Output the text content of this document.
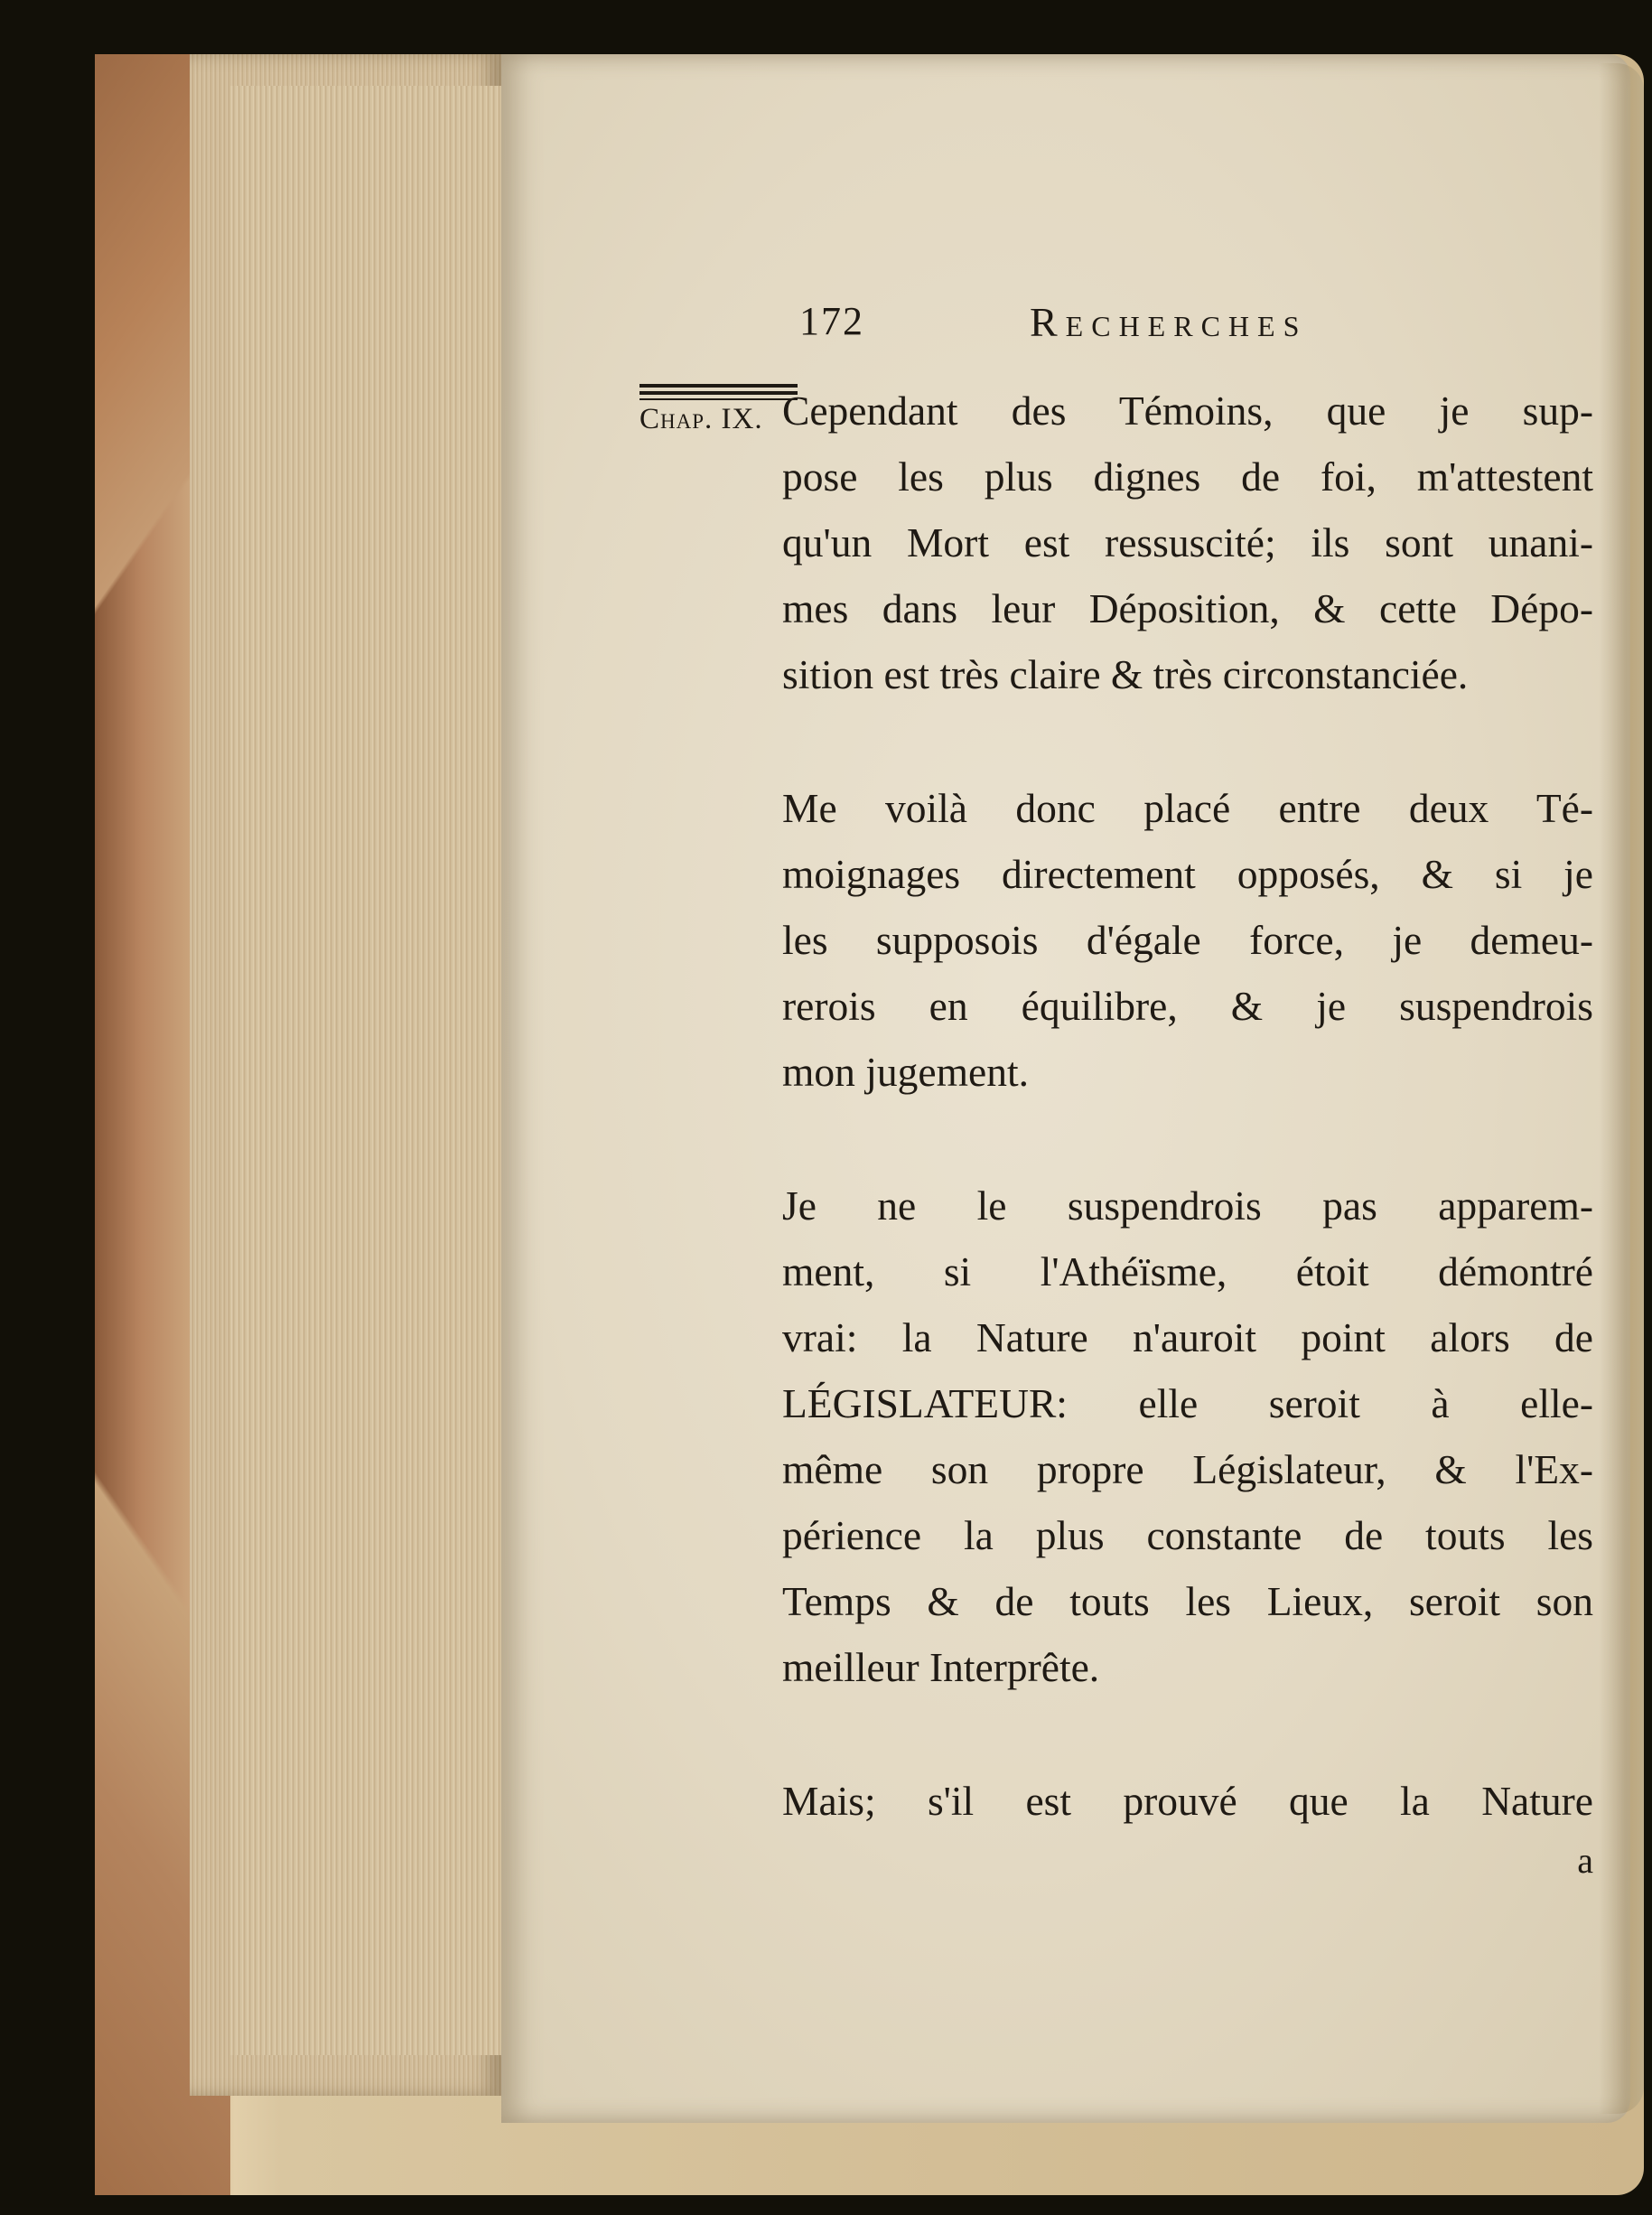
172	Recherches
Chap. IX. Cependant des Témoins, que je sup-
pose les plus dignes de foi, m'attestent
qu'un Mort est ressuscité; ils sont unani-
mes dans leur Déposition, & cette Dépo-
sition est très claire & très circonstanciée.
Me voilà donc placé entre deux Té-
moignages directement opposés, & si je
les supposois d'égale force, je demeu-
rerois en équilibre, & je suspendrois
mon jugement.
Je ne le suspendrois pas apparem-
ment, si l'Athéïsme, étoit démontré
vrai: la Nature n'auroit point alors de
LÉGISLATEUR: elle seroit à elle-
même son propre Législateur, & l'Ex-
périence la plus constante de touts les
Temps & de touts les Lieux, seroit son
meilleur Interprête.
Mais; s'il est prouvé que la Nature
a
